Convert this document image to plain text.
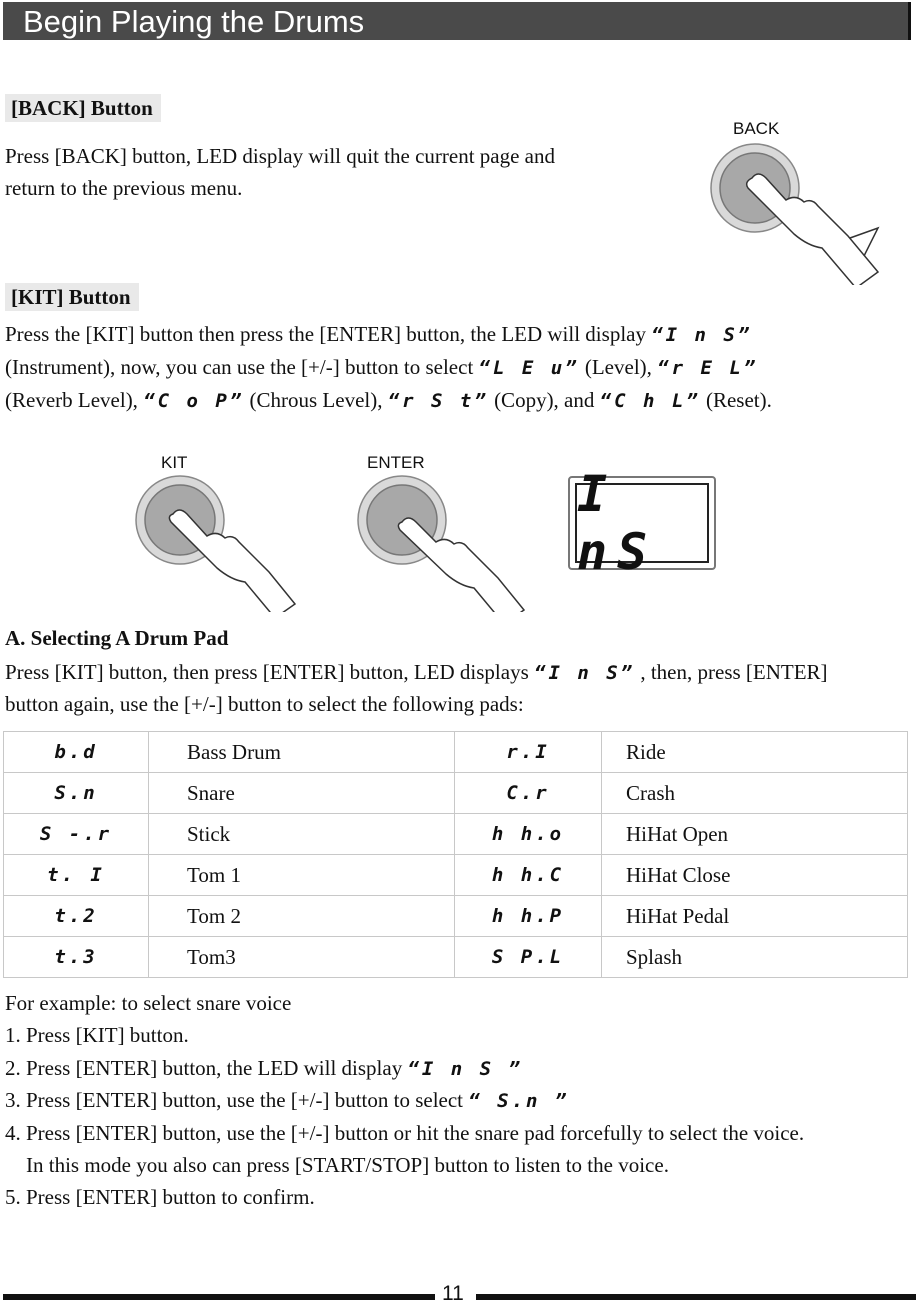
Begin Playing the Drums
[BACK] Button
Press [BACK] button, LED display will quit the current page and
return to the previous menu.
BACK
[KIT] Button
Press the [KIT] button then press the [ENTER] button, the LED will display “I n S”
(Instrument), now, you can use the [+/-] button to select “L E u” (Level), “r E L”
(Reverb Level), “C o P” (Chrous Level), “r S t” (Copy), and “C h L” (Reset).
KIT	ENTER
I nS
A. Selecting A Drum Pad
Press [KIT] button, then press [ENTER] button, LED displays “I n S” , then, press [ENTER]
button again, use the [+/-] button to select the following pads:
b.d	Bass Drum	r.I	Ride
S.n	Snare	C.r	Crash
S -.r	Stick	h h.o	HiHat Open
t. I	Tom 1	h h.C	HiHat Close
t.2	Tom 2	h h.P	HiHat Pedal
t.3	Tom3	S P.L	Splash
For example: to select snare voice
1. Press [KIT] button.
2. Press [ENTER] button, the LED will display “I n S ”
3. Press [ENTER] button, use the [+/-] button to select “ S.n ”
4. Press [ENTER] button, use the [+/-] button or hit the snare pad forcefully to select the voice.
In this mode you also can press [START/STOP] button to listen to the voice.
5. Press [ENTER] button to confirm.
11
